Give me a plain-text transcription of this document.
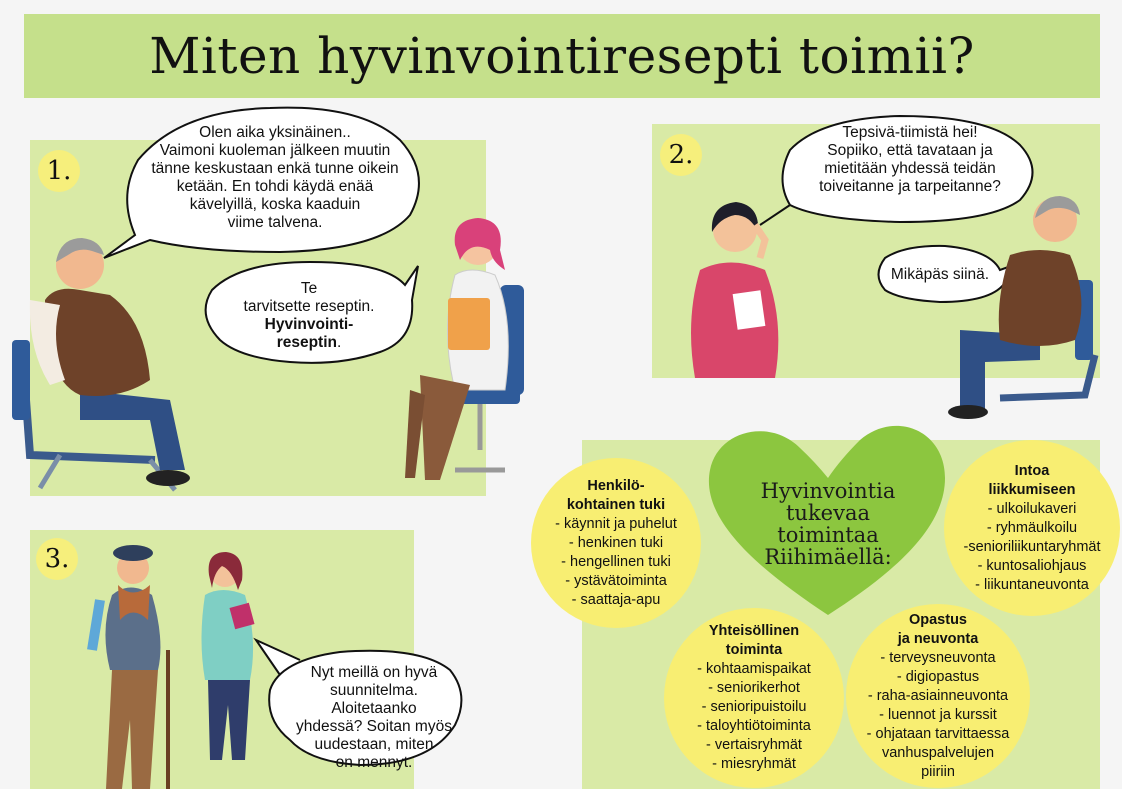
Miten hyvinvointiresepti toimii?
1.
Olen aika yksinäinen..
Vaimoni kuoleman jälkeen muutin
tänne keskustaan enkä tunne oikein
ketään. En tohdi käydä enää
kävelyillä, koska kaaduin
viime talvena.
Te
tarvitsette reseptin.
Hyvinvointi-
reseptin.
2.
Tepsivä-tiimistä hei!
Sopiiko, että tavataan ja
mietitään yhdessä teidän
toiveitanne ja tarpeitanne?
Mikäpäs siinä.
3.
Nyt meillä on hyvä
suunnitelma. Aloitetaanko
yhdessä? Soitan myös
uudestaan, miten
on mennyt.
Hyvinvointia
tukevaa
toimintaa
Riihimäellä:
Henkilö-
kohtainen tuki
- käynnit ja puhelut
- henkinen tuki
- hengellinen tuki
- ystävätoiminta
- saattaja-apu
Intoa
liikkumiseen
- ulkoilukaveri
- ryhmäulkoilu
-senioriliikuntaryhmät
- kuntosaliohjaus
- liikuntaneuvonta
Yhteisöllinen
toiminta
- kohtaamispaikat
- seniorikerhot
- senioripuistoilu
- taloyhtiötoiminta
- vertaisryhmät
- miesryhmät
Opastus
ja neuvonta
- terveysneuvonta
- digiopastus
- raha-asiainneuvonta
- luennot ja kurssit
- ohjataan tarvittaessa
vanhuspalvelujen
piiriin
